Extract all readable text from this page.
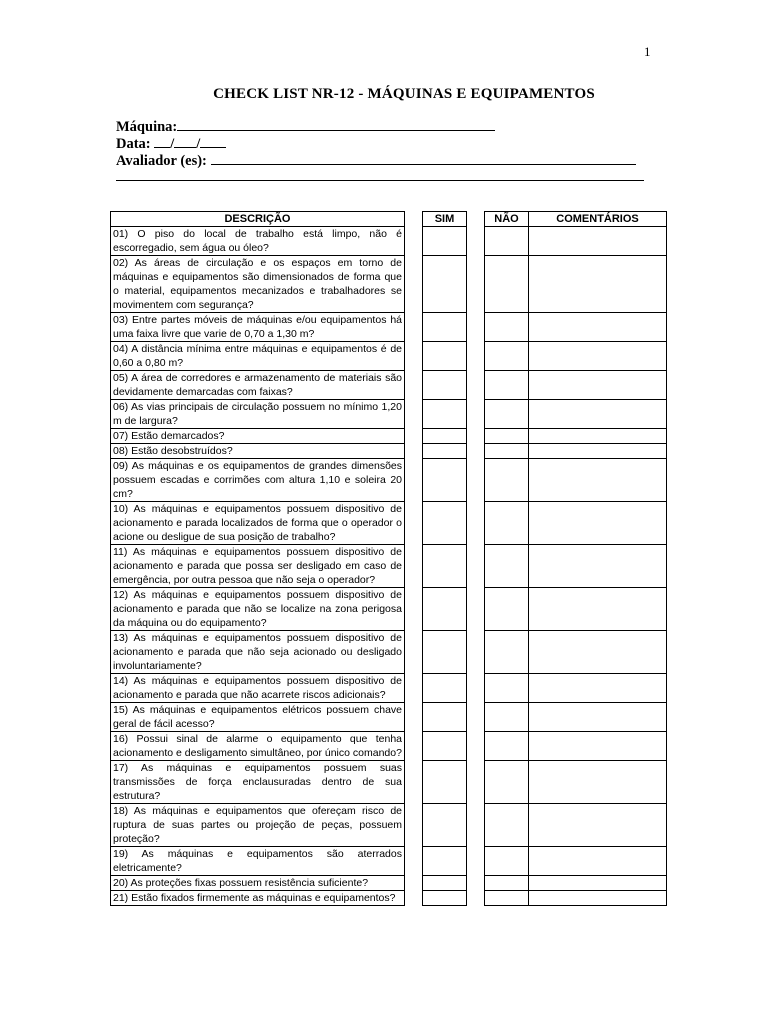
1
CHECK LIST NR-12 - MÁQUINAS E EQUIPAMENTOS
Máquina:
Data: / /
Avaliador (es):
DESCRIÇÃO		SIM		NÃO	COMENTÁRIOS
01) O piso do local de trabalho está limpo, não é escorregadio, sem água ou óleo?					
02) As áreas de circulação e os espaços em torno de máquinas e equipamentos são dimensionados de forma que o material, equipamentos mecanizados e trabalhadores se movimentem com segurança?					
03) Entre partes móveis de máquinas e/ou equipamentos há uma faixa livre que varie de 0,70 a 1,30 m?					
04) A distância mínima entre máquinas e equipamentos é de 0,60 a 0,80 m?					
05) A área de corredores e armazenamento de materiais são devidamente demarcadas com faixas?					
06) As vias principais de circulação possuem no mínimo 1,20 m de largura?					
07) Estão demarcados?					
08) Estão desobstruídos?					
09) As máquinas e os equipamentos de grandes dimensões possuem escadas e corrimões com altura 1,10 e soleira 20 cm?					
10) As máquinas e equipamentos possuem dispositivo de acionamento e parada localizados de forma que o operador o acione ou desligue de sua posição de trabalho?					
11) As máquinas e equipamentos possuem dispositivo de acionamento e parada que possa ser desligado em caso de emergência, por outra pessoa que não seja o operador?					
12) As máquinas e equipamentos possuem dispositivo de acionamento e parada que não se localize na zona perigosa da máquina ou do equipamento?					
13) As máquinas e equipamentos possuem dispositivo de acionamento e parada que não seja acionado ou desligado involuntariamente?					
14) As máquinas e equipamentos possuem dispositivo de acionamento e parada que não acarrete riscos adicionais?					
15) As máquinas e equipamentos elétricos possuem chave geral de fácil acesso?					
16) Possui sinal de alarme o equipamento que tenha acionamento e desligamento simultâneo, por único comando?					
17) As máquinas e equipamentos possuem suas transmissões de força enclausuradas dentro de sua estrutura?					
18) As máquinas e equipamentos que ofereçam risco de ruptura de suas partes ou projeção de peças, possuem proteção?					
19) As máquinas e equipamentos são aterrados eletricamente?					
20) As proteções fixas possuem resistência suficiente?					
21) Estão fixados firmemente as máquinas e equipamentos?					
